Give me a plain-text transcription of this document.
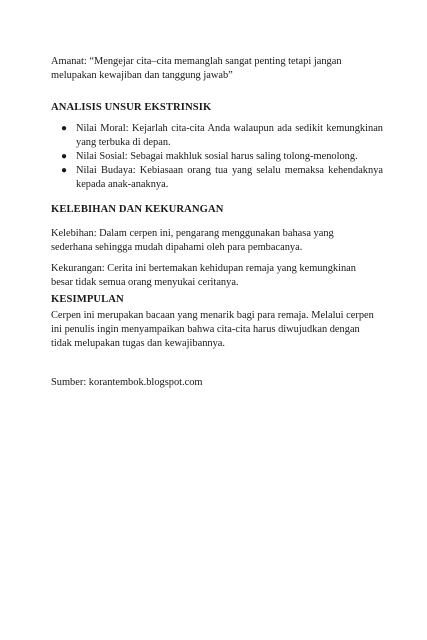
Amanat: “Mengejar cita–cita memanglah sangat penting tetapi jangan melupakan kewajiban dan tanggung jawab”
ANALISIS UNSUR EKSTRINSIK
● Nilai Moral: Kejarlah cita-cita Anda walaupun ada sedikit kemungkinan yang terbuka di depan.
● Nilai Sosial: Sebagai makhluk sosial harus saling tolong-menolong.
● Nilai Budaya: Kebiasaan orang tua yang selalu memaksa kehendaknya kepada anak-anaknya.
KELEBIHAN DAN KEKURANGAN
Kelebihan: Dalam cerpen ini, pengarang menggunakan bahasa yang sederhana sehingga mudah dipahami oleh para pembacanya.
Kekurangan: Cerita ini bertemakan kehidupan remaja yang kemungkinan besar tidak semua orang menyukai ceritanya.
KESIMPULAN
Cerpen ini merupakan bacaan yang menarik bagi para remaja. Melalui cerpen ini penulis ingin menyampaikan bahwa cita-cita harus diwujudkan dengan tidak melupakan tugas dan kewajibannya.
Sumber: korantembok.blogspot.com
